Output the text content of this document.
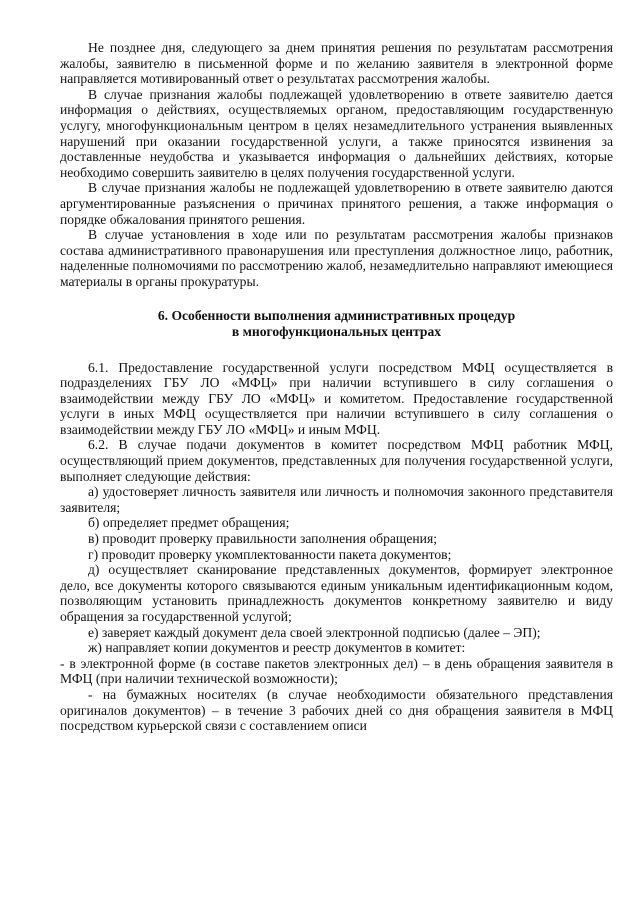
Не позднее дня, следующего за днем принятия решения по результатам рассмотрения жалобы, заявителю в письменной форме и по желанию заявителя в электронной форме направляется мотивированный ответ о результатах рассмотрения жалобы.

В случае признания жалобы подлежащей удовлетворению в ответе заявителю дается информация о действиях, осуществляемых органом, предоставляющим государственную услугу, многофункциональным центром в целях незамедлительного устранения выявленных нарушений при оказании государственной услуги, а также приносятся извинения за доставленные неудобства и указывается информация о дальнейших действиях, которые необходимо совершить заявителю в целях получения государственной услуги.

В случае признания жалобы не подлежащей удовлетворению в ответе заявителю даются аргументированные разъяснения о причинах принятого решения, а также информация о порядке обжалования принятого решения.

В случае установления в ходе или по результатам рассмотрения жалобы признаков состава административного правонарушения или преступления должностное лицо, работник, наделенные полномочиями по рассмотрению жалоб, незамедлительно направляют имеющиеся материалы в органы прокуратуры.

6. Особенности выполнения административных процедур
в многофункциональных центрах

6.1. Предоставление государственной услуги посредством МФЦ осуществляется в подразделениях ГБУ ЛО «МФЦ» при наличии вступившего в силу соглашения о взаимодействии между ГБУ ЛО «МФЦ» и комитетом. Предоставление государственной услуги в иных МФЦ осуществляется при наличии вступившего в силу соглашения о взаимодействии между ГБУ ЛО «МФЦ» и иным МФЦ.

6.2. В случае подачи документов в комитет посредством МФЦ работник МФЦ, осуществляющий прием документов, представленных для получения государственной услуги, выполняет следующие действия:

а) удостоверяет личность заявителя или личность и полномочия законного представителя заявителя;

б) определяет предмет обращения;

в) проводит проверку правильности заполнения обращения;

г) проводит проверку укомплектованности пакета документов;

д) осуществляет сканирование представленных документов, формирует электронное дело, все документы которого связываются единым уникальным идентификационным кодом, позволяющим установить принадлежность документов конкретному заявителю и виду обращения за государственной услугой;

е) заверяет каждый документ дела своей электронной подписью (далее – ЭП);

ж) направляет копии документов и реестр документов в комитет:

- в электронной форме (в составе пакетов электронных дел) – в день обращения заявителя в МФЦ (при наличии технической возможности);

- на бумажных носителях (в случае необходимости обязательного представления оригиналов документов) – в течение 3 рабочих дней со дня обращения заявителя в МФЦ посредством курьерской связи с составлением описи
